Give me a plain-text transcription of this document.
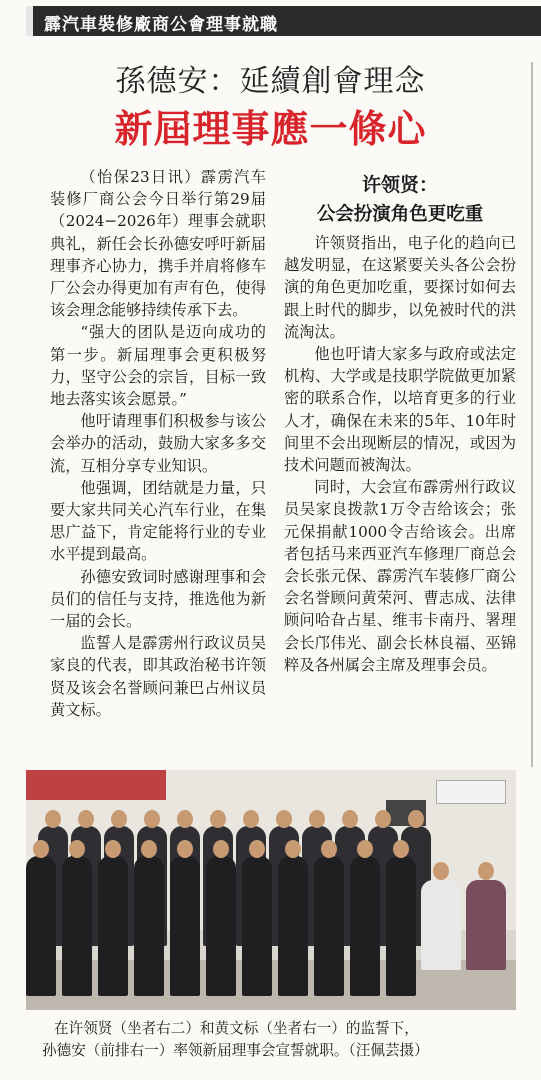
霹汽車裝修廠商公會理事就職
孫德安：延續創會理念
新屆理事應一條心

（怡保23日讯）霹雳汽车装修厂商公会今日举行第29届（2024−2026年）理事会就职典礼，新任会长孙德安呼吁新届理事齐心协力，携手并肩将修车厂公会办得更加有声有色，使得该会理念能够持续传承下去。

“强大的团队是迈向成功的第一步。新届理事会更积极努力，坚守公会的宗旨，目标一致地去落实该会愿景。”

他吁请理事们积极参与该公会举办的活动，鼓励大家多多交流，互相分享专业知识。

他强调，团结就是力量，只要大家共同关心汽车行业，在集思广益下，肯定能将行业的专业水平提到最高。

孙德安致词时感谢理事和会员们的信任与支持，推选他为新一届的会长。

监誓人是霹雳州行政议员吴家良的代表，即其政治秘书许领贤及该会名誉顾问兼巴占州议员黄文标。

许领贤：
公会扮演角色更吃重

许领贤指出，电子化的趋向已越发明显，在这紧要关头各公会扮演的角色更加吃重，要探讨如何去跟上时代的脚步，以免被时代的洪流淘汰。

他也吁请大家多与政府或法定机构、大学或是技职学院做更加紧密的联系合作，以培育更多的行业人才，确保在未来的5年、10年时间里不会出现断层的情况，或因为技术问题而被淘汰。

同时，大会宣布霹雳州行政议员吴家良拨款1万令吉给该会；张元保捐献1000令吉给该会。出席者包括马来西亚汽车修理厂商总会会长张元保、霹雳汽车装修厂商公会名誉顾问黄荣河、曹志成、法律顾问哈旮占星、维韦卡南丹、署理会长邝伟光、副会长林良福、巫锦粹及各州属会主席及理事会员。

在许领贤（坐者右二）和黄文标（坐者右一）的监誓下，
孙德安（前排右一）率领新届理事会宣誓就职。（汪佩芸摄）
